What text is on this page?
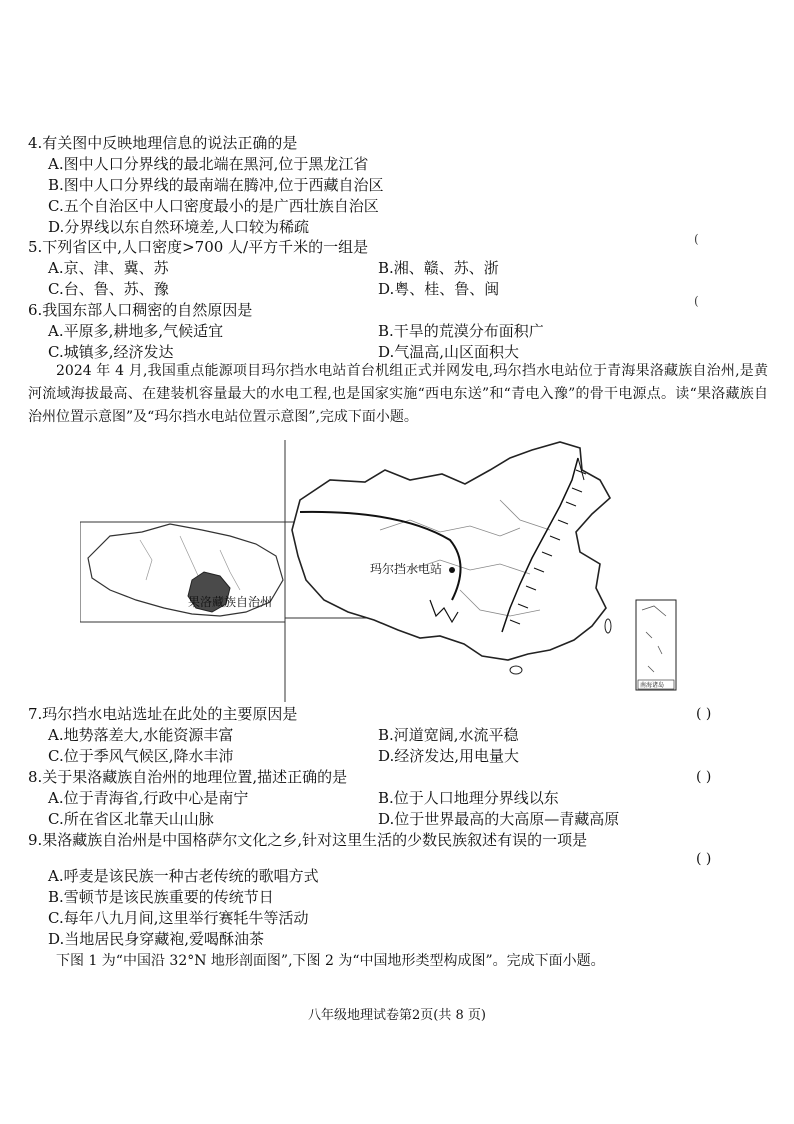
4.有关图中反映地理信息的说法正确的是
A.图中人口分界线的最北端在黑河,位于黑龙江省
B.图中人口分界线的最南端在腾冲,位于西藏自治区
C.五个自治区中人口密度最小的是广西壮族自治区
D.分界线以东自然环境差,人口较为稀疏
5.下列省区中,人口密度>700 人/平方千米的一组是	(
A.京、津、冀、苏	B.湘、赣、苏、浙
C.台、鲁、苏、豫	D.粤、桂、鲁、闽
6.我国东部人口稠密的自然原因是	(
A.平原多,耕地多,气候适宜	B.干旱的荒漠分布面积广
C.城镇多,经济发达	D.气温高,山区面积大
2024 年 4 月,我国重点能源项目玛尔挡水电站首台机组正式并网发电,玛尔挡水电站位于青海果洛藏族自治州,是黄河流域海拔最高、在建装机容量最大的水电工程,也是国家实施“西电东送”和“青电入豫”的骨干电源点。读“果洛藏族自治州位置示意图”及“玛尔挡水电站位置示意图”,完成下面小题。
果洛藏族自治州
玛尔挡水电站
南海诸岛
7.玛尔挡水电站选址在此处的主要原因是	( )
A.地势落差大,水能资源丰富	B.河道宽阔,水流平稳
C.位于季风气候区,降水丰沛	D.经济发达,用电量大
8.关于果洛藏族自治州的地理位置,描述正确的是	( )
A.位于青海省,行政中心是南宁	B.位于人口地理分界线以东
C.所在省区北靠天山山脉	D.位于世界最高的大高原—青藏高原
9.果洛藏族自治州是中国格萨尔文化之乡,针对这里生活的少数民族叙述有误的一项是
( )
A.呼麦是该民族一种古老传统的歌唱方式
B.雪顿节是该民族重要的传统节日
C.每年八九月间,这里举行赛牦牛等活动
D.当地居民身穿藏袍,爱喝酥油茶
下图 1 为“中国沿 32°N 地形剖面图”,下图 2 为“中国地形类型构成图”。完成下面小题。
八年级地理试卷第2页(共 8 页)
